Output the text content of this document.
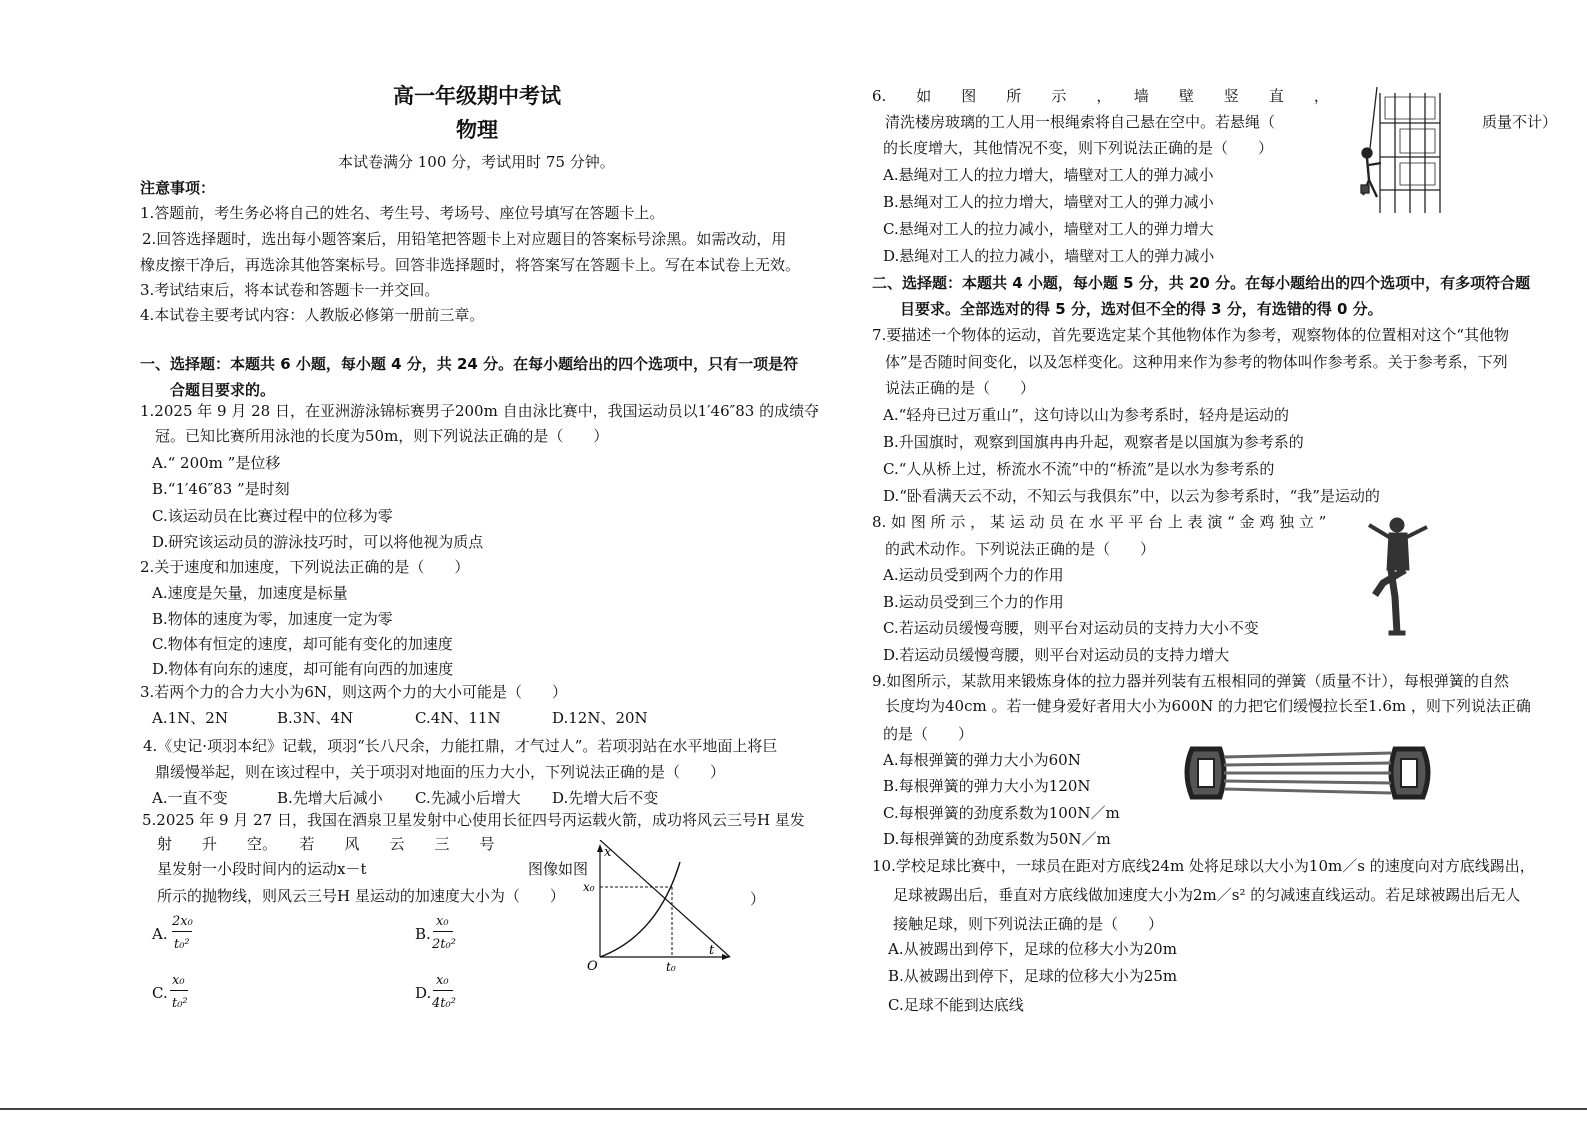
高一年级期中考试
物理
本试卷满分 100 分，考试用时 75 分钟。
注意事项：
1.答题前，考生务必将自己的姓名、考生号、考场号、座位号填写在答题卡上。
2.回答选择题时，选出每小题答案后，用铅笔把答题卡上对应题目的答案标号涂黑。如需改动，用
橡皮擦干净后，再选涂其他答案标号。回答非选择题时，将答案写在答题卡上。写在本试卷上无效。
3.考试结束后，将本试卷和答题卡一并交回。
4.本试卷主要考试内容：人教版必修第一册前三章。
一、选择题：本题共 6 小题，每小题 4 分，共 24 分。在每小题给出的四个选项中，只有一项是符
合题目要求的。
1.2025 年 9 月 28 日，在亚洲游泳锦标赛男子200m 自由泳比赛中，我国运动员以1′46″83 的成绩夺
冠。已知比赛所用泳池的长度为50m，则下列说法正确的是（　　）
A.“ 200m ”是位移
B.“1′46″83 ”是时刻
C.该运动员在比赛过程中的位移为零
D.研究该运动员的游泳技巧时，可以将他视为质点
2.关于速度和加速度，下列说法正确的是（　　）
A.速度是矢量，加速度是标量
B.物体的速度为零，加速度一定为零
C.物体有恒定的速度，却可能有变化的加速度
D.物体有向东的速度，却可能有向西的加速度
3.若两个力的合力大小为6N，则这两个力的大小可能是（　　）
A.1N、2N	B.3N、4N	C.4N、11N	D.12N、20N
4.《史记·项羽本纪》记载，项羽“长八尺余，力能扛鼎，才气过人”。若项羽站在水平地面上将巨
鼎缓慢举起，则在该过程中，关于项羽对地面的压力大小，下列说法正确的是（　　）
A.一直不变	B.先增大后减小 C.先减小后增大 D.先增大后不变
5.2025 年 9 月 27 日，我国在酒泉卫星发射中心使用长征四号丙运载火箭，成功将风云三号H 星发
射　　升　　空。　　若　　风　　云　　三　　号
星发射一小段时间内的运动x－t	图像如图
所示的抛物线，则风云三号H 星运动的加速度大小为（　　）	）
A.
2x₀
t₀²
B.
x₀
2t₀²
C.
x₀
t₀²
D.
x₀
4t₀²
x
t
O
x₀
t₀
6.　　如　　图　　所　　示　　，　　墙　　壁　　竖　　直　　，
清洗楼房玻璃的工人用一根绳索将自己悬在空中。若悬绳（	质量不计）
的长度增大，其他情况不变，则下列说法正确的是（　　）
A.悬绳对工人的拉力增大，墙壁对工人的弹力减小
B.悬绳对工人的拉力增大，墙壁对工人的弹力减小
C.悬绳对工人的拉力减小，墙壁对工人的弹力增大
D.悬绳对工人的拉力减小，墙壁对工人的弹力减小
二、选择题：本题共 4 小题，每小题 5 分，共 20 分。在每小题给出的四个选项中，有多项符合题
目要求。全部选对的得 5 分，选对但不全的得 3 分，有选错的得 0 分。
7.要描述一个物体的运动，首先要选定某个其他物体作为参考，观察物体的位置相对这个“其他物
体”是否随时间变化，以及怎样变化。这种用来作为参考的物体叫作参考系。关于参考系，下列
说法正确的是（　　）
A.“轻舟已过万重山”，这句诗以山为参考系时，轻舟是运动的
B.升国旗时，观察到国旗冉冉升起，观察者是以国旗为参考系的
C.“人从桥上过，桥流水不流”中的“桥流”是以水为参考系的
D.“卧看满天云不动，不知云与我俱东”中，以云为参考系时，“我”是运动的
8. 如 图 所 示 ， 某 运 动 员 在 水 平 平 台 上 表 演 “ 金 鸡 独 立 ”
的武术动作。下列说法正确的是（　　）
A.运动员受到两个力的作用
B.运动员受到三个力的作用
C.若运动员缓慢弯腰，则平台对运动员的支持力大小不变
D.若运动员缓慢弯腰，则平台对运动员的支持力增大
9.如图所示，某款用来锻炼身体的拉力器并列装有五根相同的弹簧（质量不计），每根弹簧的自然
长度均为40cm 。若一健身爱好者用大小为600N 的力把它们缓慢拉长至1.6m ，则下列说法正确
的是（　　）
A.每根弹簧的弹力大小为60N
B.每根弹簧的弹力大小为120N
C.每根弹簧的劲度系数为100N／m
D.每根弹簧的劲度系数为50N／m
10.学校足球比赛中，一球员在距对方底线24m 处将足球以大小为10m／s 的速度向对方底线踢出，
足球被踢出后，垂直对方底线做加速度大小为2m／s² 的匀减速直线运动。若足球被踢出后无人
接触足球，则下列说法正确的是（　　）
A.从被踢出到停下，足球的位移大小为20m
B.从被踢出到停下，足球的位移大小为25m
C.足球不能到达底线
